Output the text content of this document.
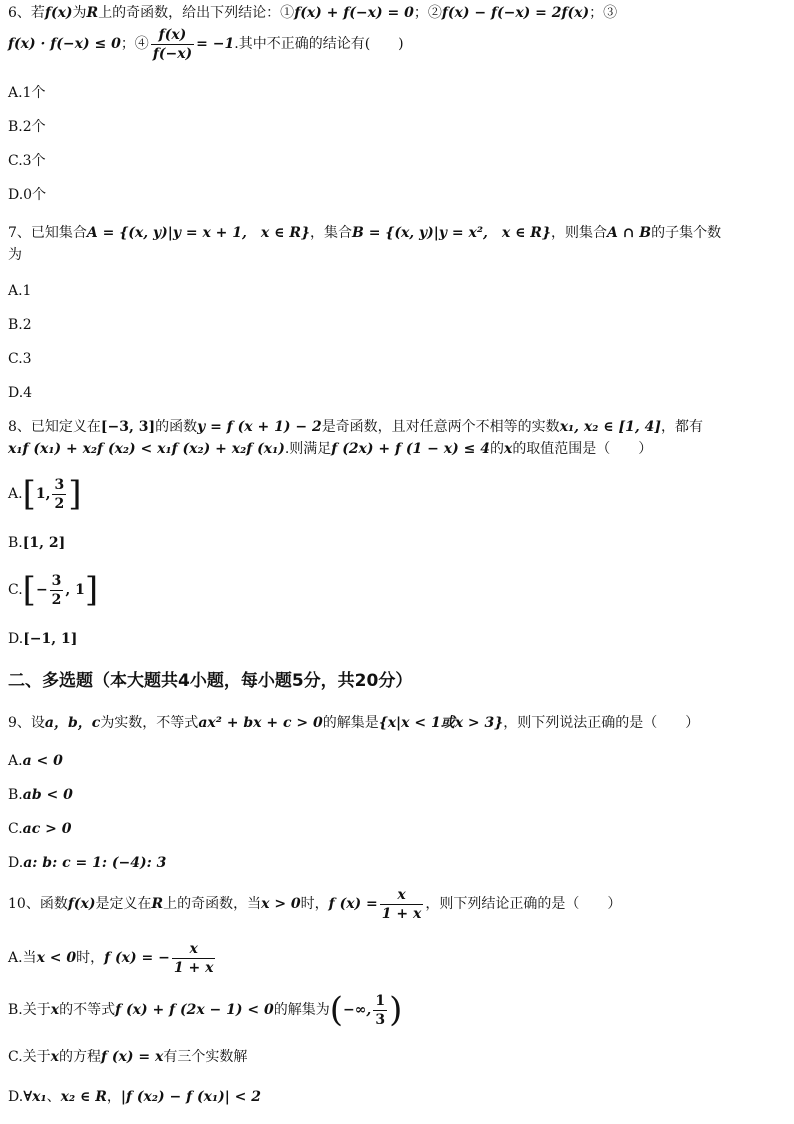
6、若f(x)为R上的奇函数，给出下列结论：①f(x) + f(−x) = 0；②f(x) − f(−x) = 2f(x)；③
f(x) · f(−x) ≤ 0；④ $\frac{f(x)}{f(-x)} = -1$.其中不正确的结论有(　　)
A.1个
B.2个
C.3个
D.0个
7、已知集合A = {(x, y)|y = x + 1,　x ∈ R}，集合B = {(x, y)|y = x²,　x ∈ R}，则集合A ∩ B的子集个数
为
A.1
B.2
C.3
D.4
8、已知定义在[−3, 3]的函数y = f (x + 1) − 2是奇函数，且对任意两个不相等的实数x₁, x₂ ∈ [1, 4]，都有
x₁f (x₁) + x₂f (x₂) < x₁f (x₂) + x₂f (x₁).则满足f (2x) + f (1 − x) ≤ 4的x的取值范围是（　　）
A.[1, $\frac{3}{2}$ ]
B.[1, 2]
$C.[- \frac{3}{2}$ , 1]
D.[−1, 1]
二、多选题（本大题共4小题，每小题5分，共20分）
9、设a，b，c为实数，不等式ax² + bx + c > 0的解集是{x|x < 1或x > 3}，则下列说法正确的是（　　）
A.a < 0
B.ab < 0
C.ac > 0
D.a: b: c = 1: (−4): 3
10、函数f(x)是定义在R上的奇函数，当x > 0时，f $(x) = \frac{x}{1 + x}$ ，则下列结论正确的是（　　）
A.当x < 0时，f (x) = − $\frac{x}{1 + x}$
B.关于x的不等式f (x) + f (2x − 1) < 0的解集为(−∞, $\frac{1}{3}$ )
C.关于x的方程f (x) = x有三个实数解
D.∀x₁、x₂ ∈ R，|f (x₂) − f (x₁)| < 2
